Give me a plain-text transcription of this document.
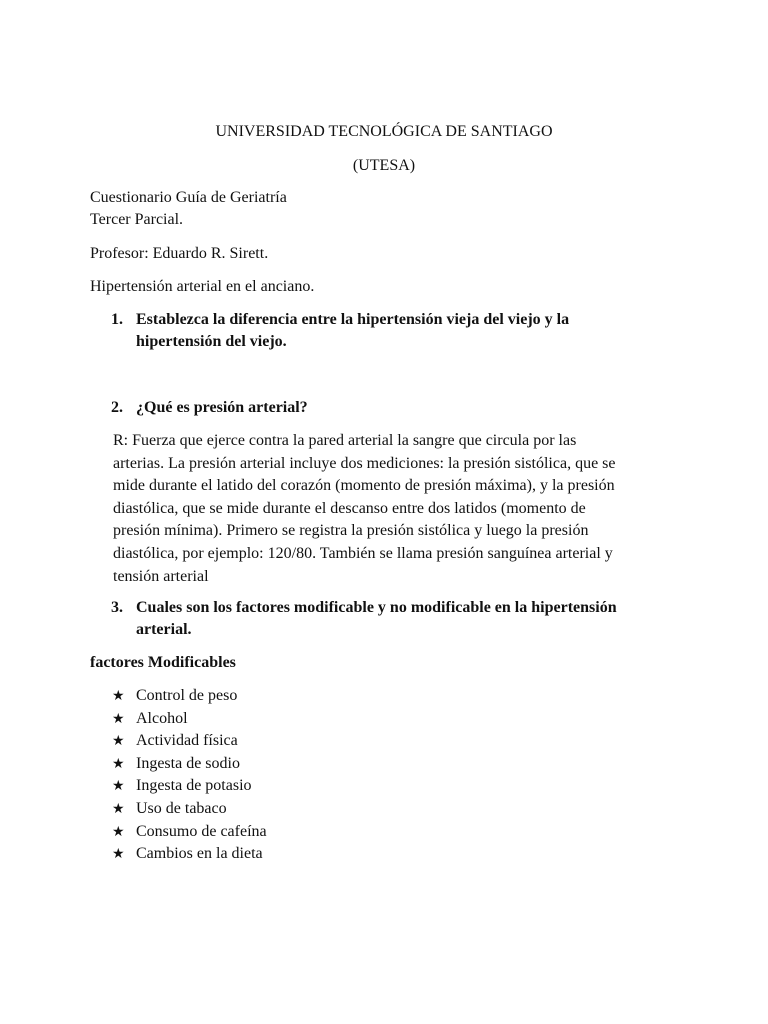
UNIVERSIDAD TECNOLÓGICA DE SANTIAGO
(UTESA)
Cuestionario Guía de Geriatría
Tercer Parcial.
Profesor: Eduardo R. Sirett.
Hipertensión arterial en el anciano.
1. Establezca la diferencia entre la hipertensión vieja del viejo y la
hipertensión del viejo.
2. ¿Qué es presión arterial?
R: Fuerza que ejerce contra la pared arterial la sangre que circula por las
arterias. La presión arterial incluye dos mediciones: la presión sistólica, que se
mide durante el latido del corazón (momento de presión máxima), y la presión
diastólica, que se mide durante el descanso entre dos latidos (momento de
presión mínima). Primero se registra la presión sistólica y luego la presión
diastólica, por ejemplo: 120/80. También se llama presión sanguínea arterial y
tensión arterial
3. Cuales son los factores modificable y no modificable en la hipertensión
arterial.
factores Modificables
★ Control de peso
★ Alcohol
★ Actividad física
★ Ingesta de sodio
★ Ingesta de potasio
★ Uso de tabaco
★ Consumo de cafeína
★ Cambios en la dieta
